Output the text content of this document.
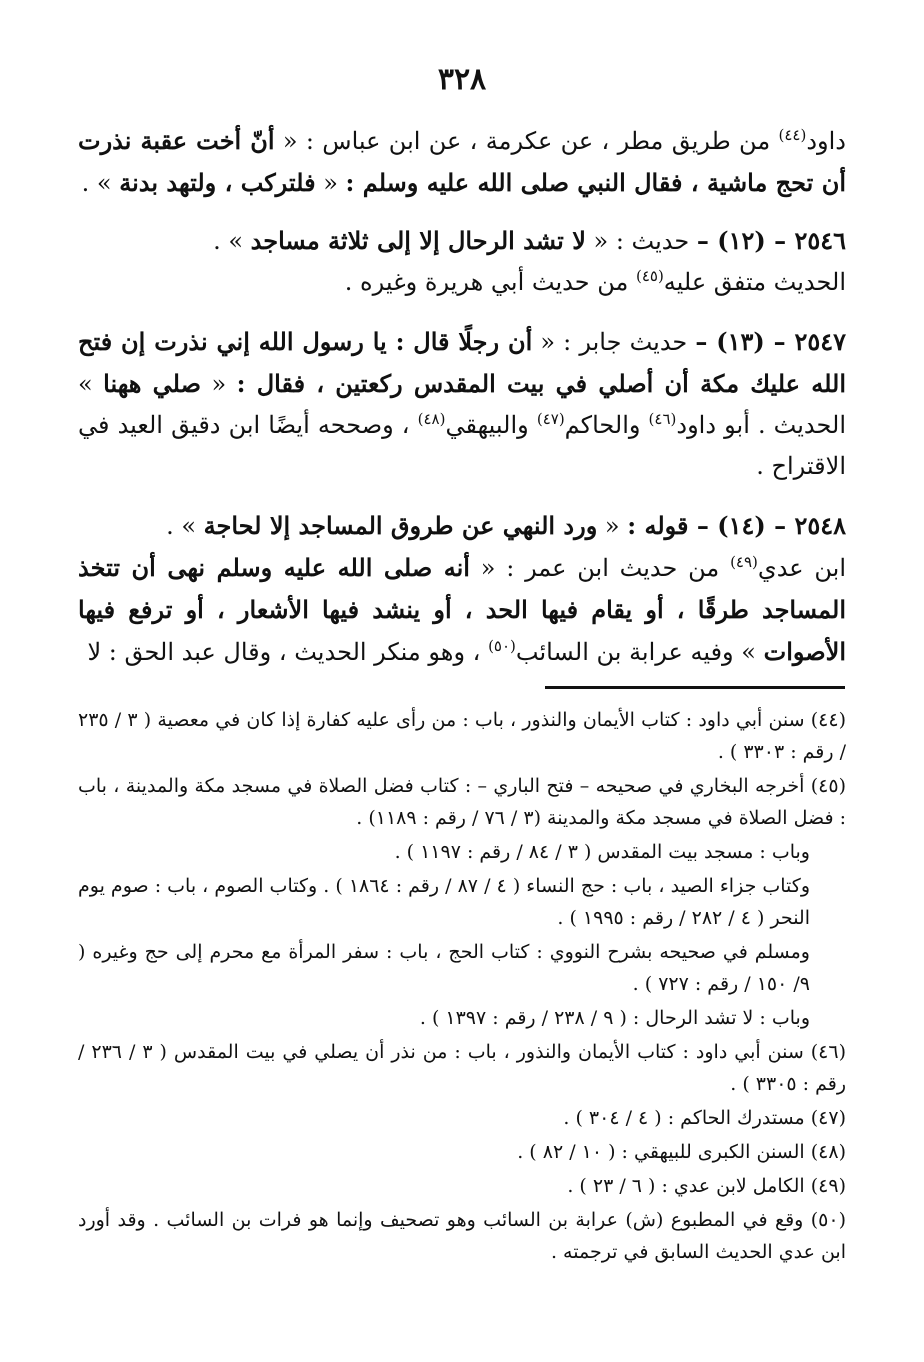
٣٢٨

داود$^{(٤٤)}$ من طريق مطر ، عن عكرمة ، عن ابن عباس : « أنّ أخت عقبة نذرت أن تحج ماشية ، فقال النبي صلى الله عليه وسلم : « فلتركب ، ولتهد بدنة » .

٢٥٤٦ – (١٢) – حديث : « لا تشد الرحال إلا إلى ثلاثة مساجد » .
الحديث متفق عليه$^{(٤٥)}$ من حديث أبي هريرة وغيره .

٢٥٤٧ – (١٣) – حديث جابر : « أن رجلًا قال : يا رسول الله إني نذرت إن فتح الله عليك مكة أن أصلي في بيت المقدس ركعتين ، فقال : « صلي ههنا » الحديث . أبو داود$^{(٤٦)}$ والحاكم$^{(٤٧)}$ والبيهقي$^{(٤٨)}$ ، وصححه أيضًا ابن دقيق العيد في الاقتراح .

٢٥٤٨ – (١٤) – قوله : « ورد النهي عن طروق المساجد إلا لحاجة » .
ابن عدي$^{(٤٩)}$ من حديث ابن عمر : « أنه صلى الله عليه وسلم نهى أن تتخذ المساجد طرقًا ، أو يقام فيها الحد ، أو ينشد فيها الأشعار ، أو ترفع فيها الأصوات » وفيه عرابة بن السائب$^{(٥٠)}$ ، وهو منكر الحديث ، وقال عبد الحق : لا

(٤٤) سنن أبي داود : كتاب الأيمان والنذور ، باب : من رأى عليه كفارة إذا كان في معصية ( ٣ / ٢٣٥ / رقم : ٣٣٠٣ ) .

(٤٥) أخرجه البخاري في صحيحه – فتح الباري – : كتاب فضل الصلاة في مسجد مكة والمدينة ، باب : فضل الصلاة في مسجد مكة والمدينة (٣ / ٧٦ / رقم : ١١٨٩) .

وباب : مسجد بيت المقدس ( ٣ / ٨٤ / رقم : ١١٩٧ ) .

وكتاب جزاء الصيد ، باب : حج النساء ( ٤ / ٨٧ / رقم : ١٨٦٤ ) . وكتاب الصوم ، باب : صوم يوم النحر ( ٤ / ٢٨٢ / رقم : ١٩٩٥ ) .

ومسلم في صحيحه بشرح النووي : كتاب الحج ، باب : سفر المرأة مع محرم إلى حج وغيره ( ٩/ ١٥٠ / رقم : ٧٢٧ ) .

وباب : لا تشد الرحال : ( ٩ / ٢٣٨ / رقم : ١٣٩٧ ) .

(٤٦) سنن أبي داود : كتاب الأيمان والنذور ، باب : من نذر أن يصلي في بيت المقدس ( ٣ / ٢٣٦ / رقم : ٣٣٠٥ ) .

(٤٧) مستدرك الحاكم : ( ٤ / ٣٠٤ ) .

(٤٨) السنن الكبرى للبيهقي : ( ١٠ / ٨٢ ) .

(٤٩) الكامل لابن عدي : ( ٦ / ٢٣ ) .

(٥٠) وقع في المطبوع (ش) عرابة بن السائب وهو تصحيف وإنما هو فرات بن السائب . وقد أورد ابن عدي الحديث السابق في ترجمته .
